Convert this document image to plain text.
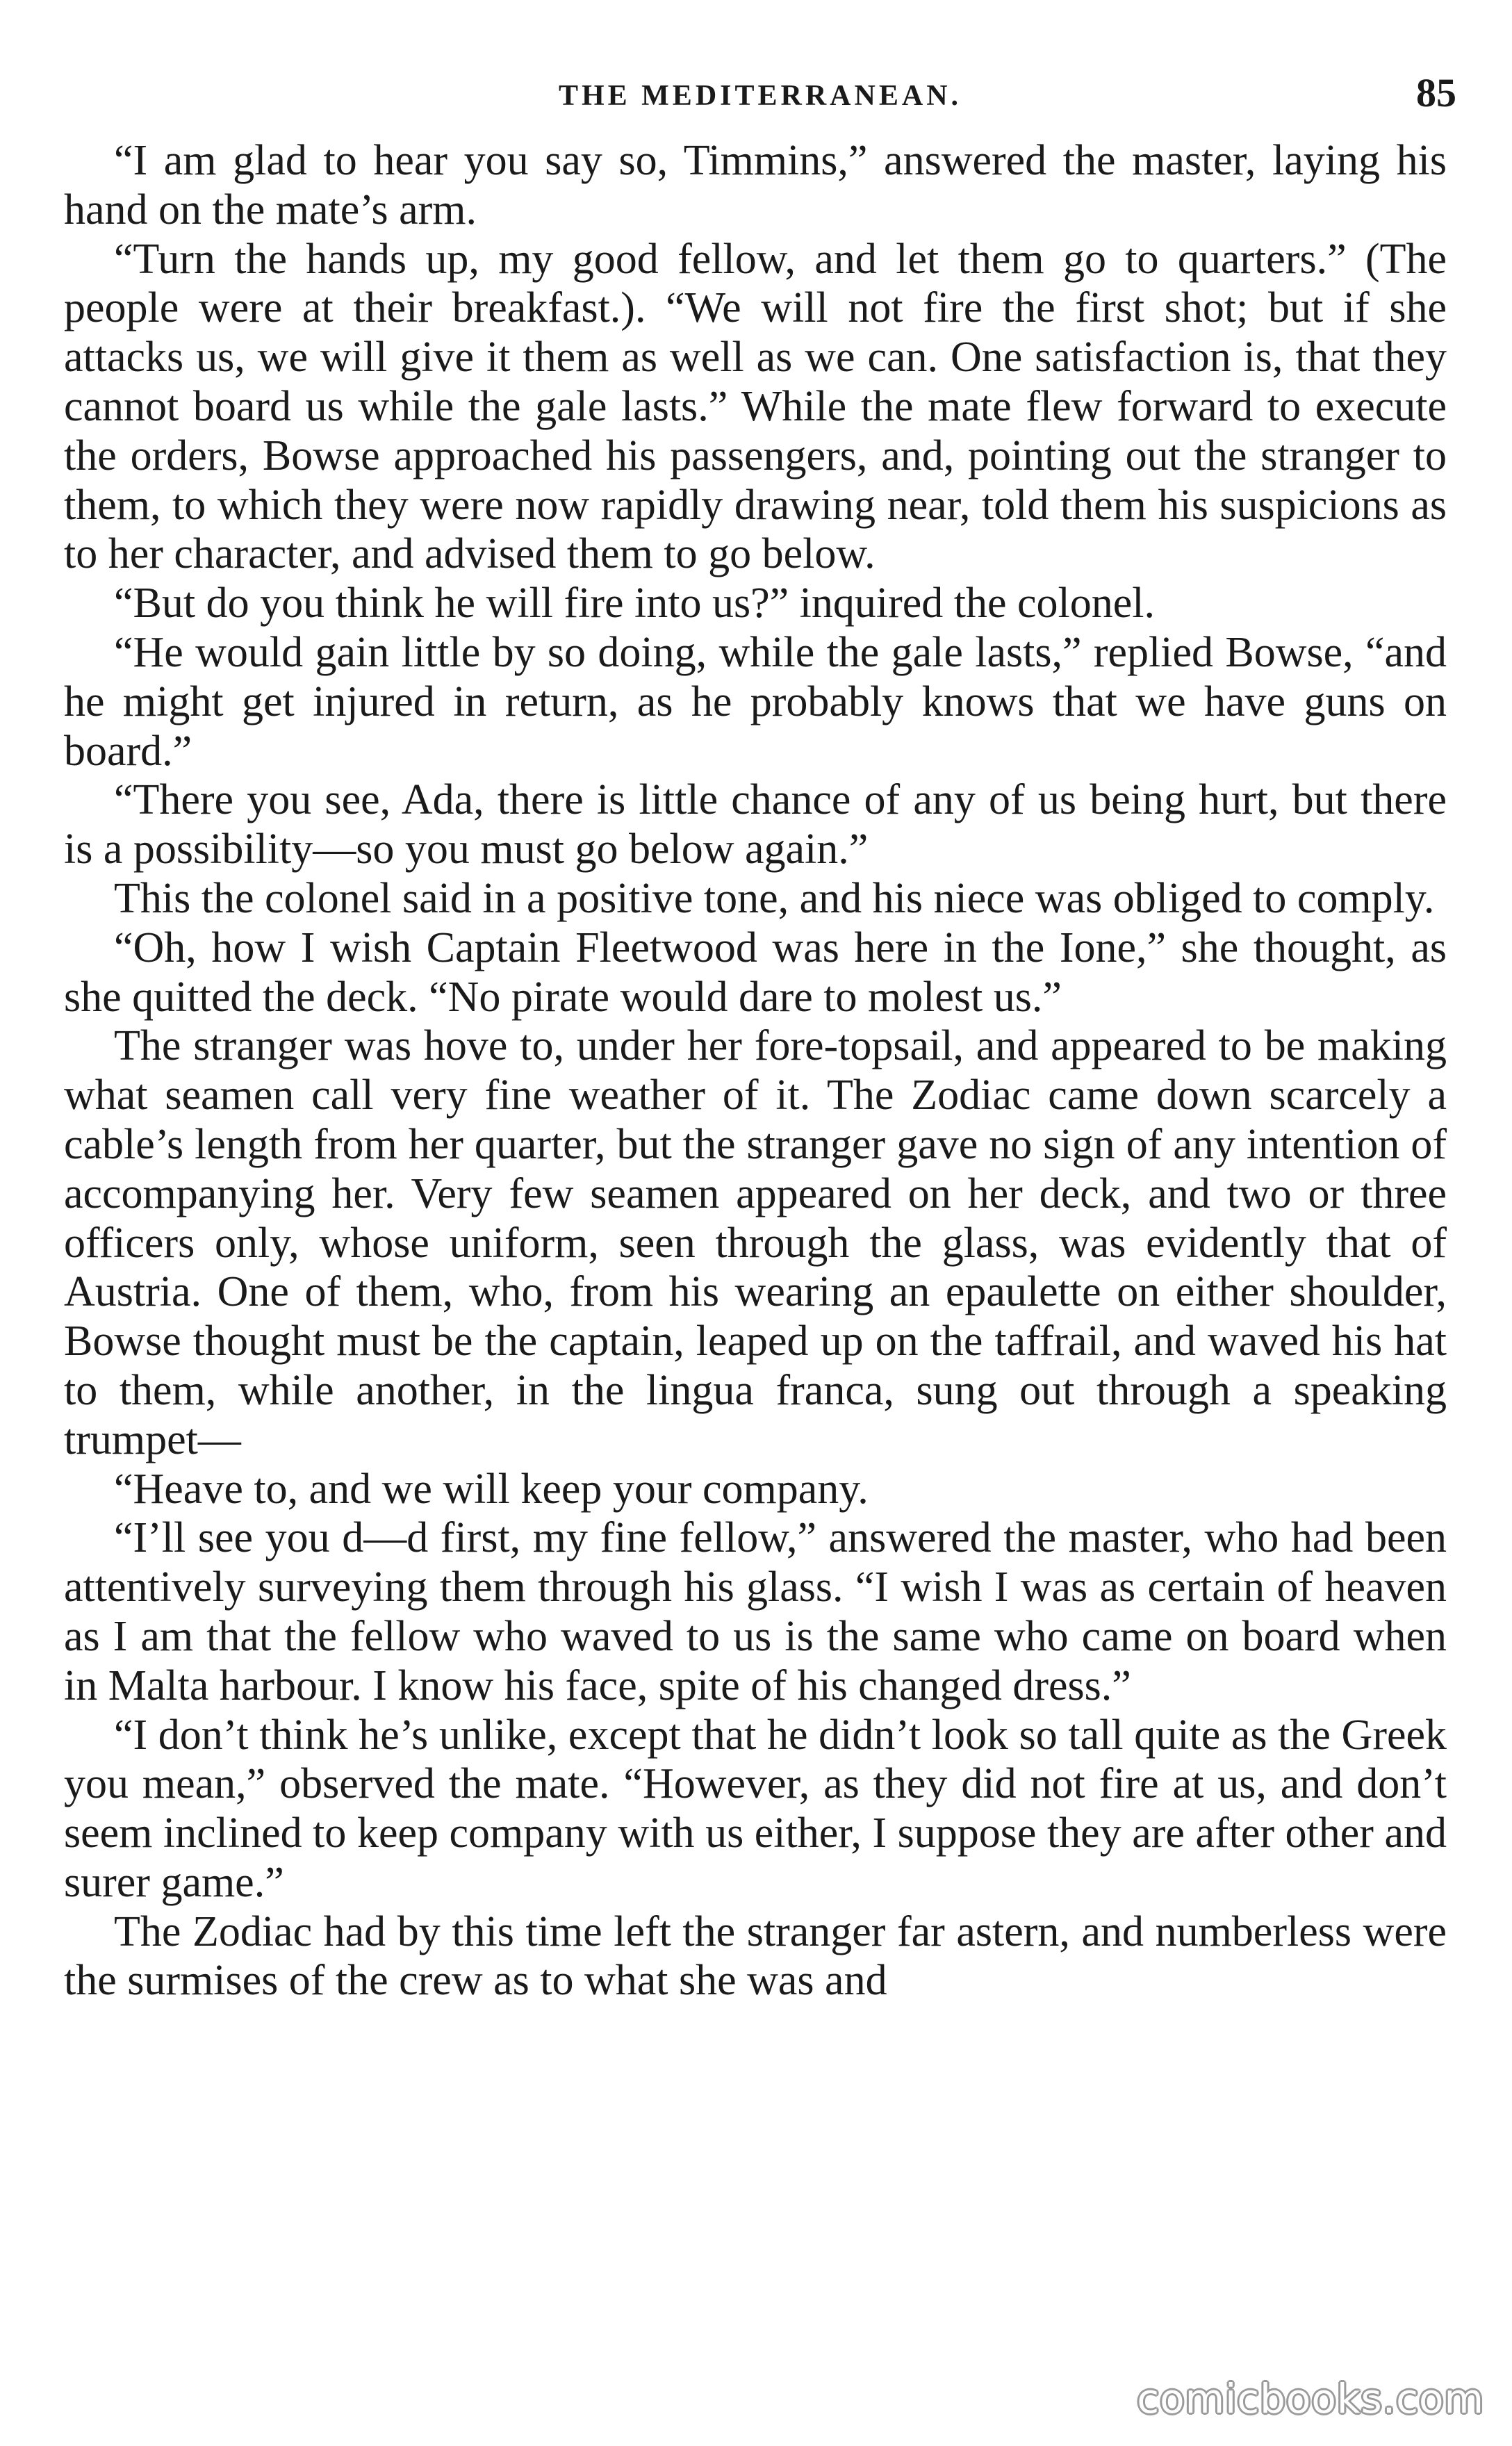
THE MEDITERRANEAN.	85

“I am glad to hear you say so, Timmins,” answered the master, laying his hand on the mate’s arm.

“Turn the hands up, my good fellow, and let them go to quarters.” (The people were at their breakfast.). “We will not fire the first shot; but if she attacks us, we will give it them as well as we can. One satisfaction is, that they cannot board us while the gale lasts.” While the mate flew forward to execute the orders, Bowse approached his passengers, and, pointing out the stranger to them, to which they were now rapidly drawing near, told them his suspicions as to her character, and advised them to go below.

“But do you think he will fire into us?” inquired the colonel.

“He would gain little by so doing, while the gale lasts,” replied Bowse, “and he might get injured in return, as he probably knows that we have guns on board.”

“There you see, Ada, there is little chance of any of us being hurt, but there is a possibility—so you must go below again.”

This the colonel said in a positive tone, and his niece was obliged to comply.

“Oh, how I wish Captain Fleetwood was here in the Ione,” she thought, as she quitted the deck. “No pirate would dare to molest us.”

The stranger was hove to, under her fore-topsail, and appeared to be making what seamen call very fine weather of it. The Zodiac came down scarcely a cable’s length from her quarter, but the stranger gave no sign of any intention of accompanying her. Very few seamen appeared on her deck, and two or three officers only, whose uniform, seen through the glass, was evidently that of Austria. One of them, who, from his wearing an epaulette on either shoulder, Bowse thought must be the captain, leaped up on the taffrail, and waved his hat to them, while another, in the lingua franca, sung out through a speaking trumpet—

“Heave to, and we will keep your company.

“I’ll see you d—d first, my fine fellow,” answered the master, who had been attentively surveying them through his glass. “I wish I was as certain of heaven as I am that the fellow who waved to us is the same who came on board when in Malta harbour. I know his face, spite of his changed dress.”

“I don’t think he’s unlike, except that he didn’t look so tall quite as the Greek you mean,” observed the mate. “However, as they did not fire at us, and don’t seem inclined to keep company with us either, I suppose they are after other and surer game.”

The Zodiac had by this time left the stranger far astern, and numberless were the surmises of the crew as to what she was and

comicbooks.com
